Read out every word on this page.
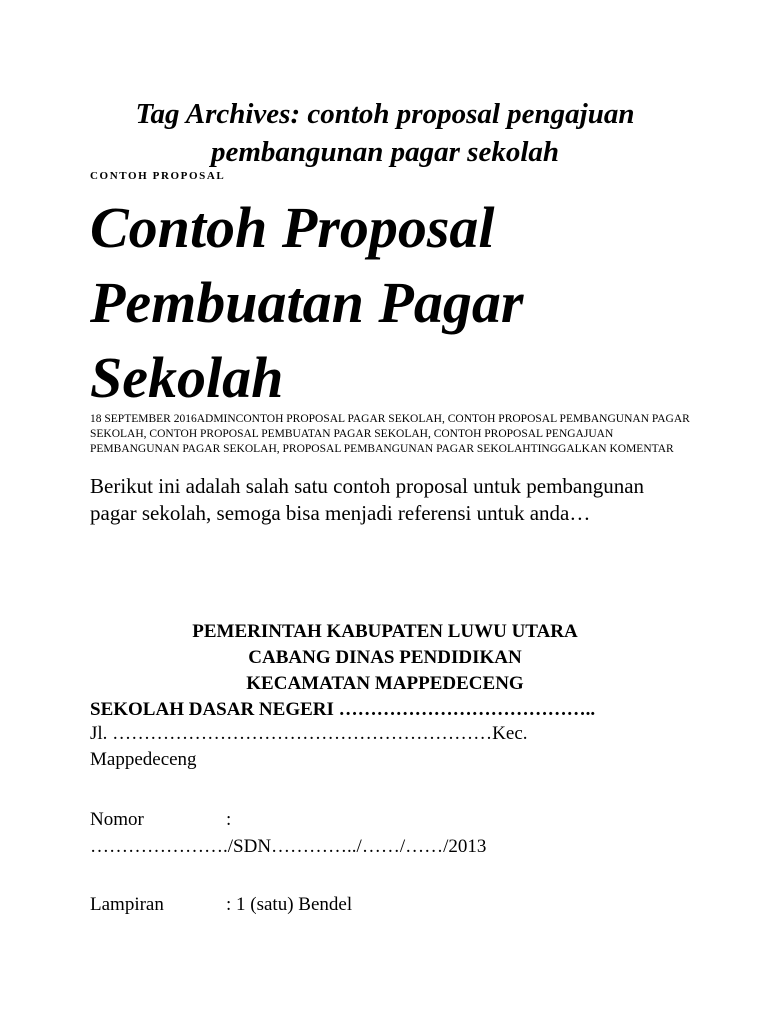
Tag Archives: contoh proposal pengajuan pembangunan pagar sekolah
CONTOH PROPOSAL
Contoh Proposal Pembuatan Pagar Sekolah
18 SEPTEMBER 2016ADMINCONTOH PROPOSAL PAGAR SEKOLAH, CONTOH PROPOSAL PEMBANGUNAN PAGAR SEKOLAH, CONTOH PROPOSAL PEMBUATAN PAGAR SEKOLAH, CONTOH PROPOSAL PENGAJUAN PEMBANGUNAN PAGAR SEKOLAH, PROPOSAL PEMBANGUNAN PAGAR SEKOLAHTINGGALKAN KOMENTAR

Berikut ini adalah salah satu contoh proposal untuk pembangunan pagar sekolah, semoga bisa menjadi referensi untuk anda…

PEMERINTAH KABUPATEN LUWU UTARA
CABANG DINAS PENDIDIKAN
KECAMATAN MAPPEDECENG
SEKOLAH DASAR NEGERI …………………………………..
Jl. ……………………………………………………Kec. Mappedeceng
Nomor	:
…………………./SDN…………../……/……/2013
Lampiran	: 1 (satu) Bendel
